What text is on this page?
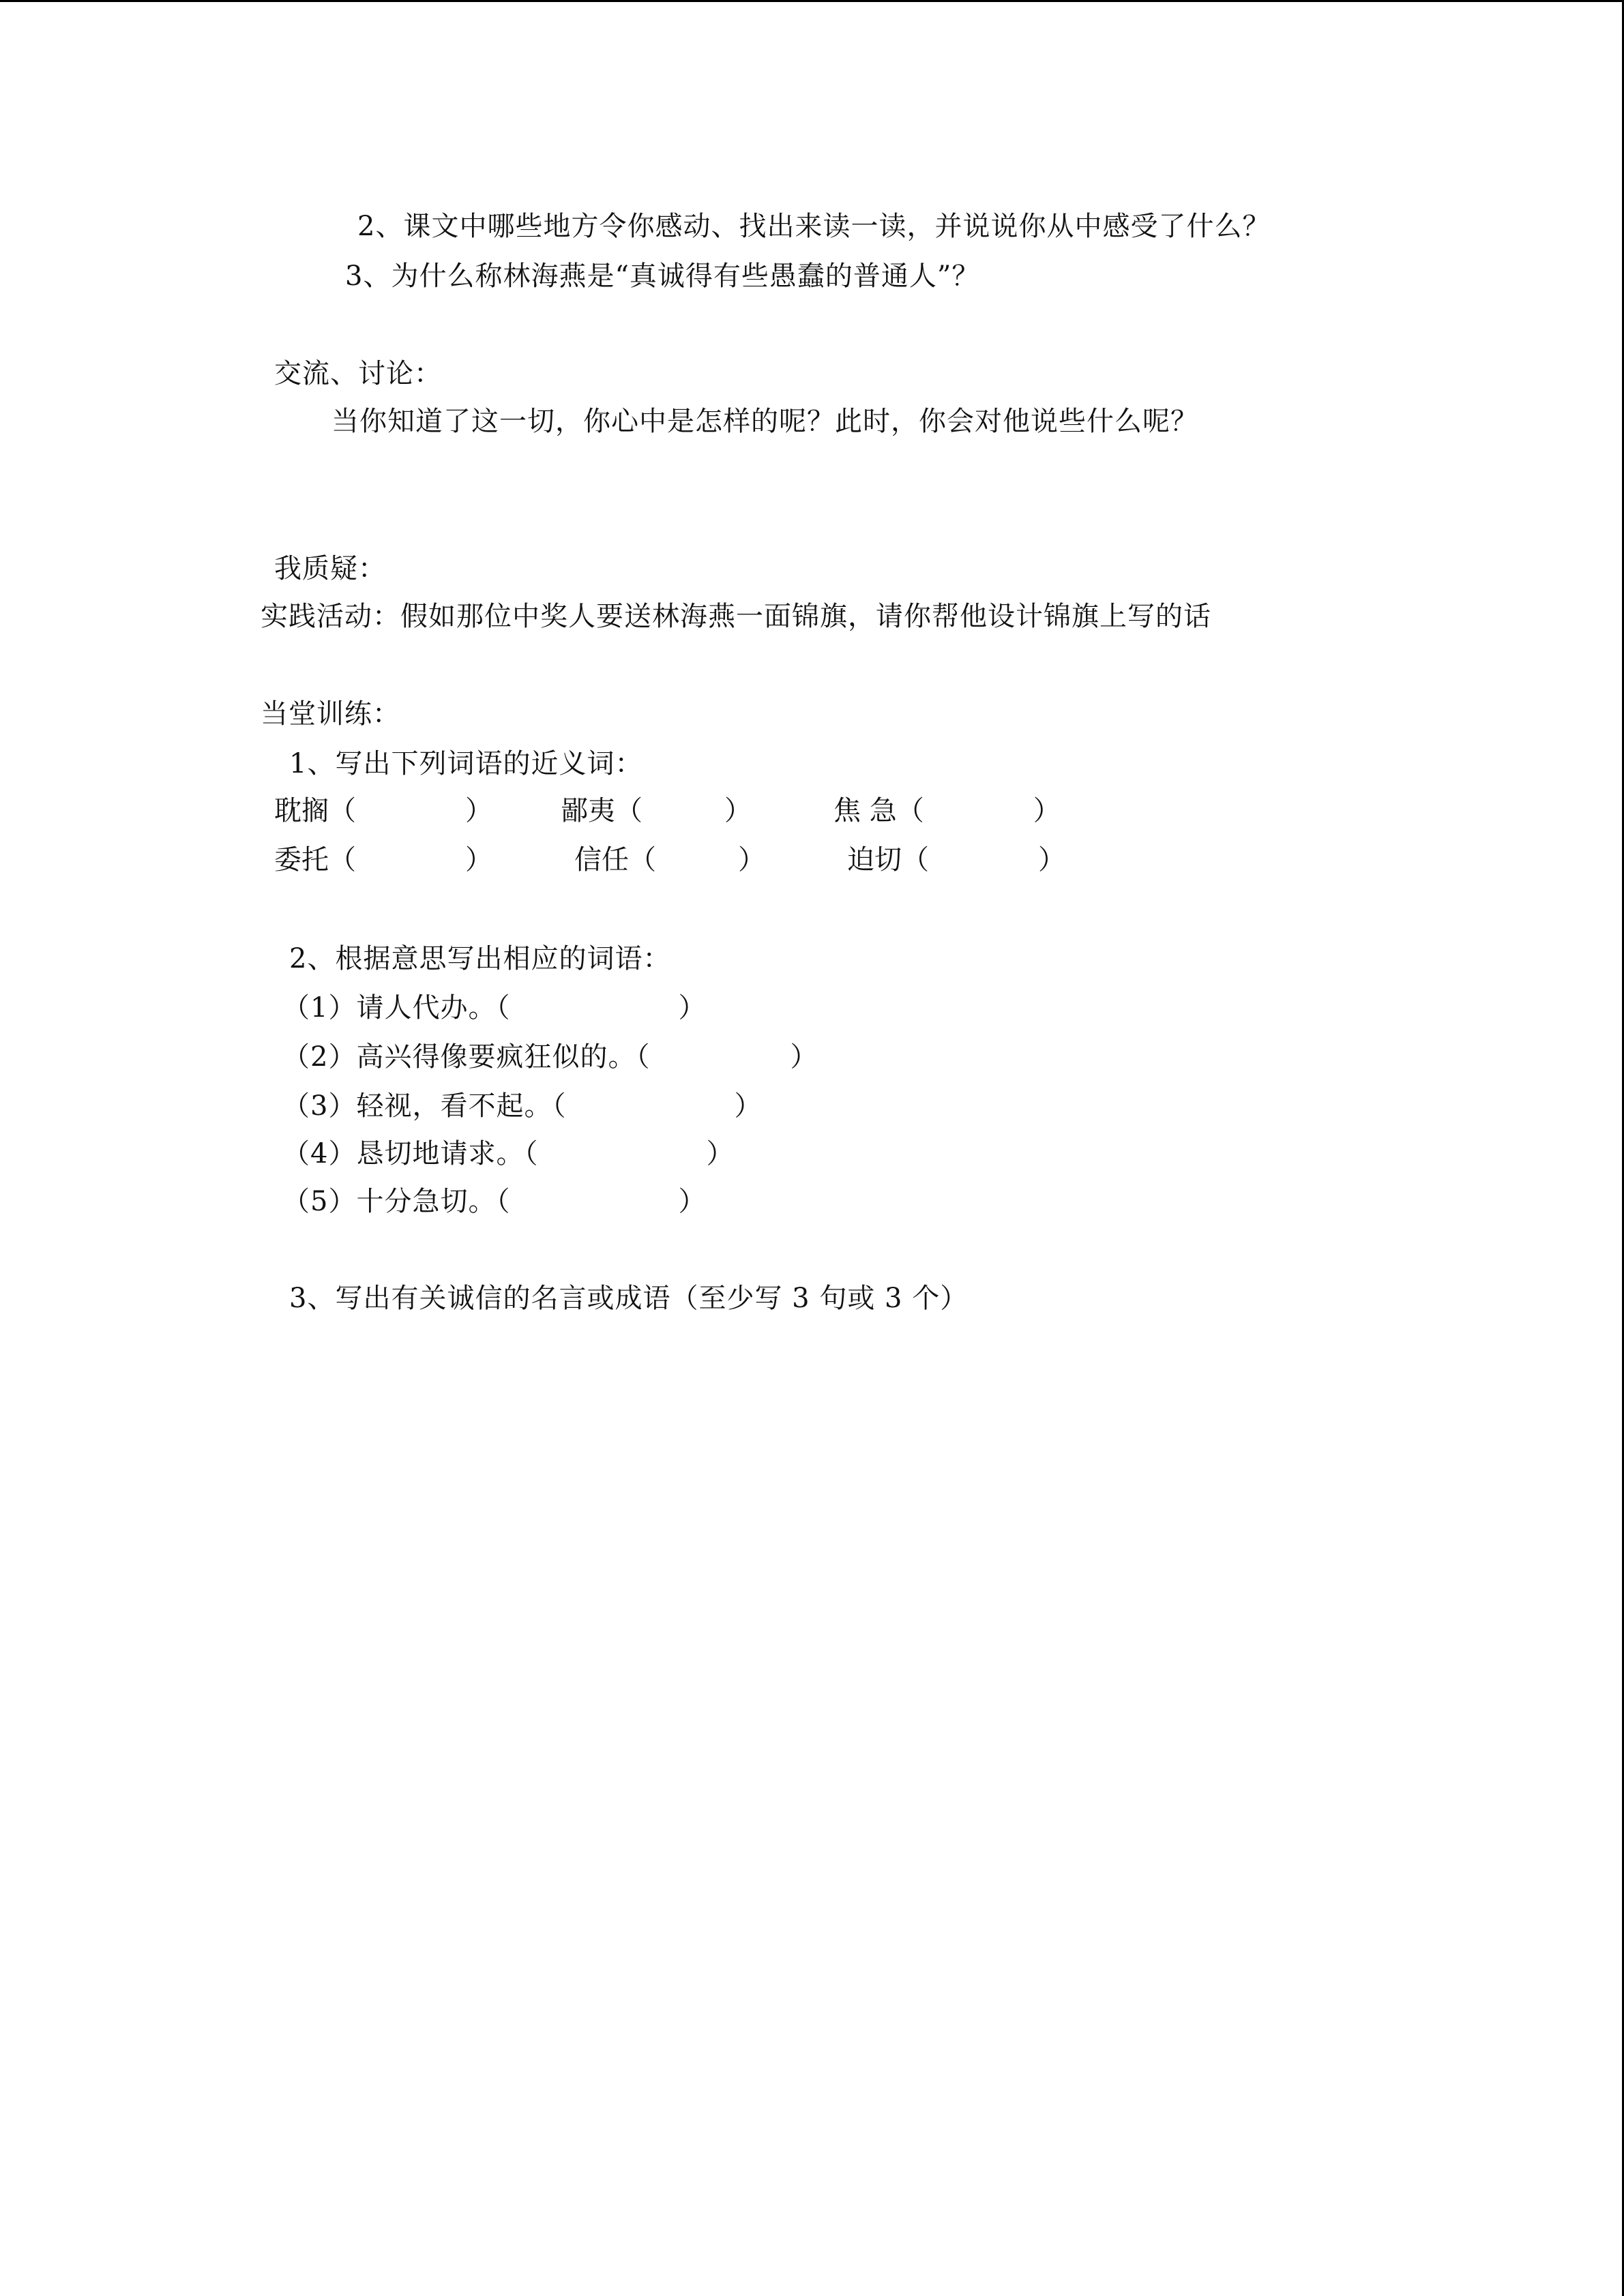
2、课文中哪些地方令你感动、找出来读一读，并说说你从中感受了什么？
3、为什么称林海燕是“真诚得有些愚蠢的普通人”？
交流、讨论：
当你知道了这一切，你心中是怎样的呢？此时，你会对他说些什么呢？
我质疑：
实践活动：假如那位中奖人要送林海燕一面锦旗，请你帮他设计锦旗上写的话
当堂训练：
1、写出下列词语的近义词：
耽搁（　　　　）	鄙夷（　　　）	焦 急（　　　　）
委托（　　　　）	信任（　　　）	迫切（　　　　）
2、根据意思写出相应的词语：
（1）请人代办。（　　　　　　）
（2）高兴得像要疯狂似的。（　　　　　）
（3）轻视，看不起。（　　　　　　）
（4）恳切地请求。（　　　　　　）
（5）十分急切。（　　　　　　）
3、写出有关诚信的名言或成语（至少写 3 句或 3 个）
